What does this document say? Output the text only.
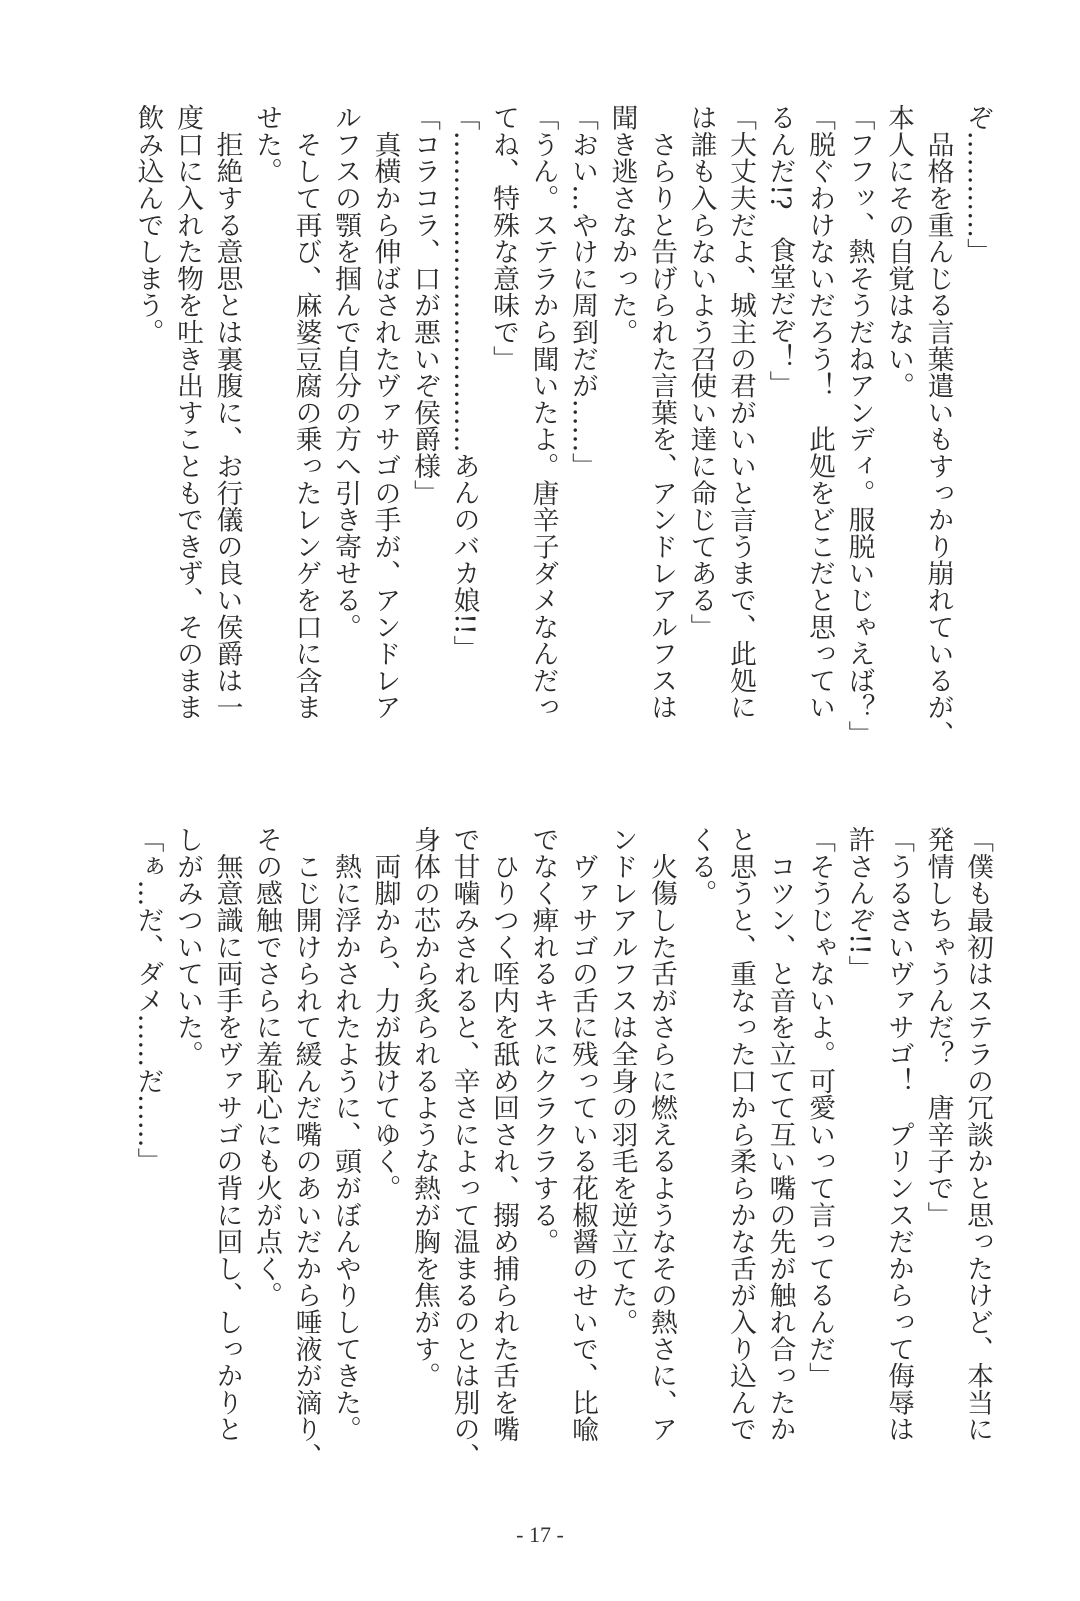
ぞ…………」
　品格を重んじる言葉遣いもすっかり崩れているが、
本人にその自覚はない。
「フフッ、熱そうだねアンディ。服脱いじゃえば？」
「脱ぐわけないだろう！　此処をどこだと思ってい
るんだ!?　食堂だぞ！」
「大丈夫だよ、城主の君がいいと言うまで、此処に
は誰も入らないよう召使い達に命じてある」
　さらりと告げられた言葉を、アンドレアルフスは
聞き逃さなかった。
「おい…やけに周到だが……」
「うん。ステラから聞いたよ。唐辛子ダメなんだっ
てね、特殊な意味で」
「………………………………あんのバカ娘!!」
「コラコラ、口が悪いぞ侯爵様」
　真横から伸ばされたヴァサゴの手が、アンドレア
ルフスの顎を掴んで自分の方へ引き寄せる。
　そして再び、麻婆豆腐の乗ったレンゲを口に含ま
せた。
　拒絶する意思とは裏腹に、お行儀の良い侯爵は一
度口に入れた物を吐き出すこともできず、そのまま
飲み込んでしまう。
「僕も最初はステラの冗談かと思ったけど、本当に
発情しちゃうんだ？　唐辛子で」
「うるさいヴァサゴ！　プリンスだからって侮辱は
許さんぞ!!」
「そうじゃないよ。可愛いって言ってるんだ」
　コツン、と音を立てて互い嘴の先が触れ合ったか
と思うと、重なった口から柔らかな舌が入り込んで
くる。
　火傷した舌がさらに燃えるようなその熱さに、ア
ンドレアルフスは全身の羽毛を逆立てた。
　ヴァサゴの舌に残っている花椒醤のせいで、比喩
でなく痺れるキスにクラクラする。
　ひりつく咥内を舐め回され、搦め捕られた舌を嘴
で甘噛みされると、辛さによって温まるのとは別の、
身体の芯から炙られるような熱が胸を焦がす。
　両脚から、力が抜けてゆく。
　熱に浮かされたように、頭がぼんやりしてきた。
　こじ開けられて緩んだ嘴のあいだから唾液が滴り、
その感触でさらに羞恥心にも火が点く。
　無意識に両手をヴァサゴの背に回し、しっかりと
しがみついていた。
「ぁ…だ、ダメ……だ……」
- 17 -
